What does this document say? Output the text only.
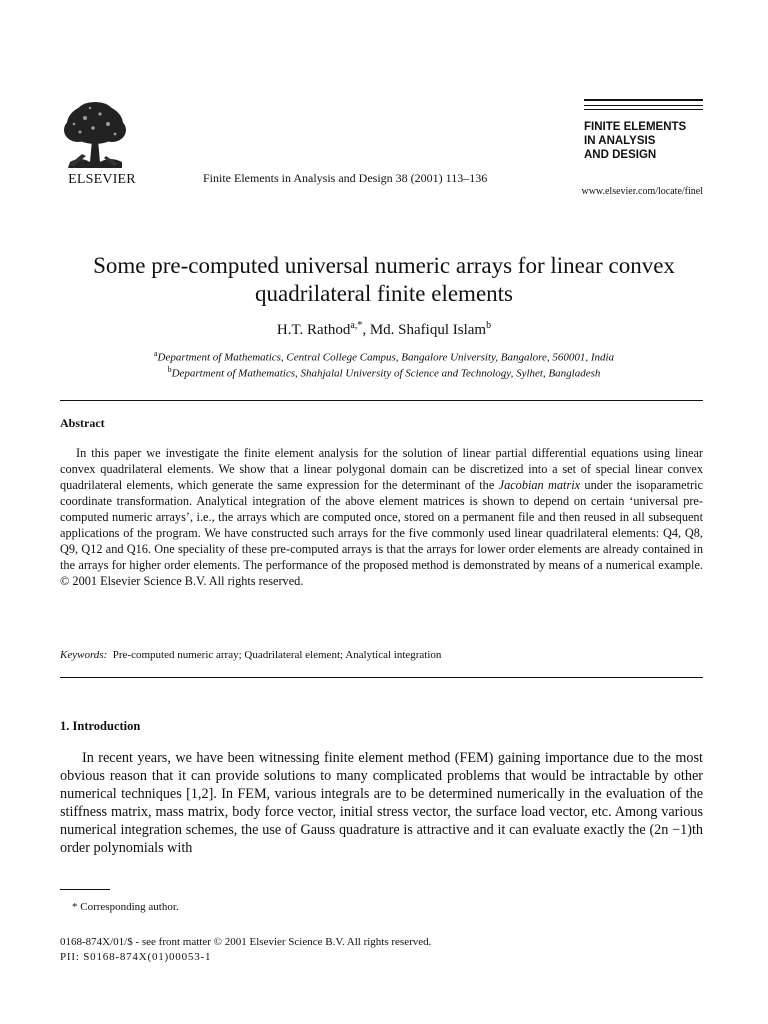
ELSEVIER	Finite Elements in Analysis and Design 38 (2001) 113–136
FINITE ELEMENTS
IN ANALYSIS
AND DESIGN
www.elsevier.com/locate/finel
Some pre-computed universal numeric arrays for linear convex
quadrilateral finite elements
H.T. Rathod$^{a,*}$, Md. Shafiqul Islam$^b$
$^a$Department of Mathematics, Central College Campus, Bangalore University, Bangalore, 560001, India
$^b$Department of Mathematics, Shahjalal University of Science and Technology, Sylhet, Bangladesh
Abstract
In this paper we investigate the finite element analysis for the solution of linear partial differential equations using linear convex quadrilateral elements. We show that a linear polygonal domain can be discretized into a set of special linear convex quadrilateral elements, which generate the same expression for the determinant of the Jacobian matrix under the isoparametric coordinate transformation. Analytical integration of the above element matrices is shown to depend on certain ‘universal pre-computed numeric arrays’, i.e., the arrays which are computed once, stored on a permanent file and then reused in all subsequent applications of the program. We have constructed such arrays for the five commonly used linear quadrilateral elements: Q4, Q8, Q9, Q12 and Q16. One speciality of these pre-computed arrays is that the arrays for lower order elements are already contained in the arrays for higher order elements. The performance of the proposed method is demonstrated by means of a numerical example. © 2001 Elsevier Science B.V. All rights reserved.
Keywords: Pre-computed numeric array; Quadrilateral element; Analytical integration
1. Introduction
In recent years, we have been witnessing finite element method (FEM) gaining importance due to the most obvious reason that it can provide solutions to many complicated problems that would be intractable by other numerical techniques [1,2]. In FEM, various integrals are to be determined numerically in the evaluation of the stiffness matrix, mass matrix, body force vector, initial stress vector, the surface load vector, etc. Among various numerical integration schemes, the use of Gauss quadrature is attractive and it can evaluate exactly the (2n −1)th order polynomials with
* Corresponding author.
0168-874X/01/$ - see front matter © 2001 Elsevier Science B.V. All rights reserved.
PII: S0168-874X(01)00053-1
